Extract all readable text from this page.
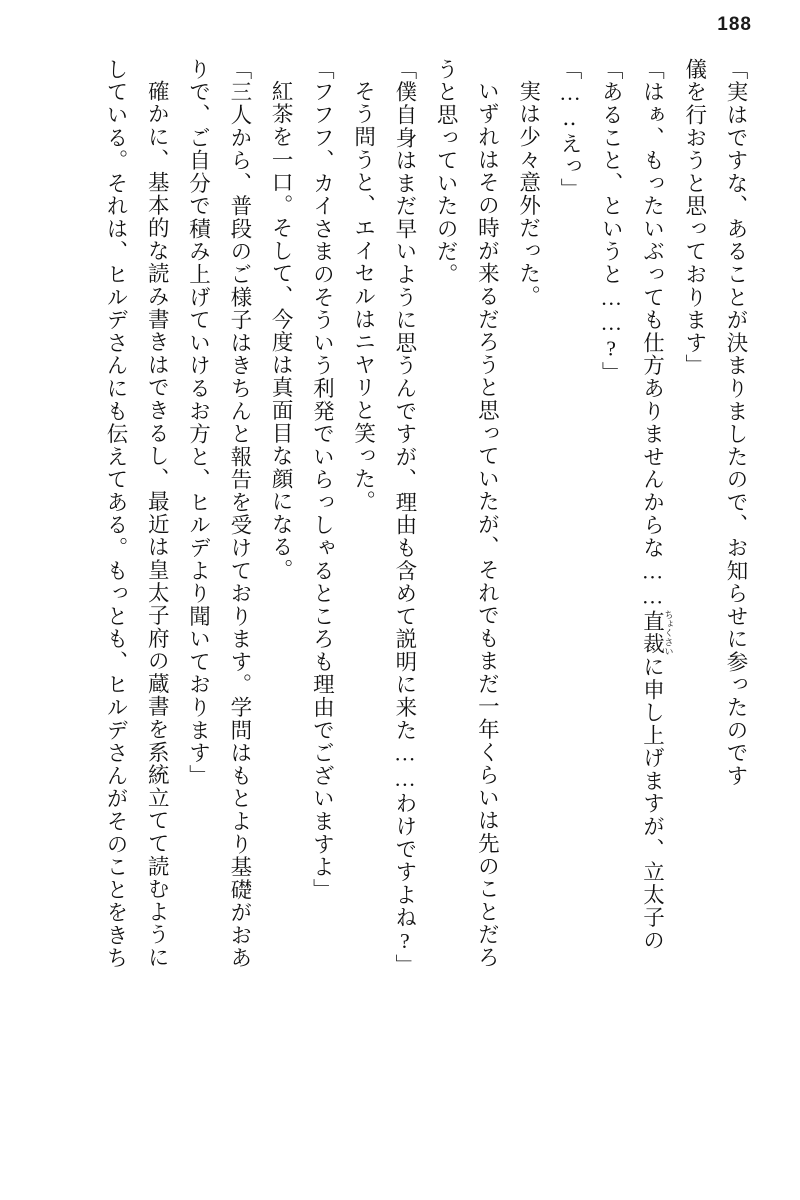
188

「実はですな、あることが決まりましたので、お知らせに参ったのです

儀を行おうと思っております」

「はぁ、もったいぶっても仕方ありませんからな……直裁 ちょくさいに申し上げますが、立太子の

「あること、というと……?」

「…‥えっ」

実は少々意外だった。

いずれはその時が来るだろうと思っていたが、それでもまだ一年くらいは先のことだろ

うと思っていたのだ。

「僕自身はまだ早いように思うんですが、理由も含めて説明に来た……わけですよね?」

そう問うと、エイセルはニヤリと笑った。

「フフフ、カイさまのそういう利発でいらっしゃるところも理由でございますよ」

紅茶を一口。そして、今度は真面目な顔になる。

「三人から、普段のご様子はきちんと報告を受けております。学問はもとより基礎がおあ

りで、ご自分で積み上げていけるお方と、ヒルデより聞いております」

確かに、基本的な読み書きはできるし、最近は皇太子府の蔵書を系統立てて読むように

している。それは、ヒルデさんにも伝えてある。もっとも、ヒルデさんがそのことをきち
